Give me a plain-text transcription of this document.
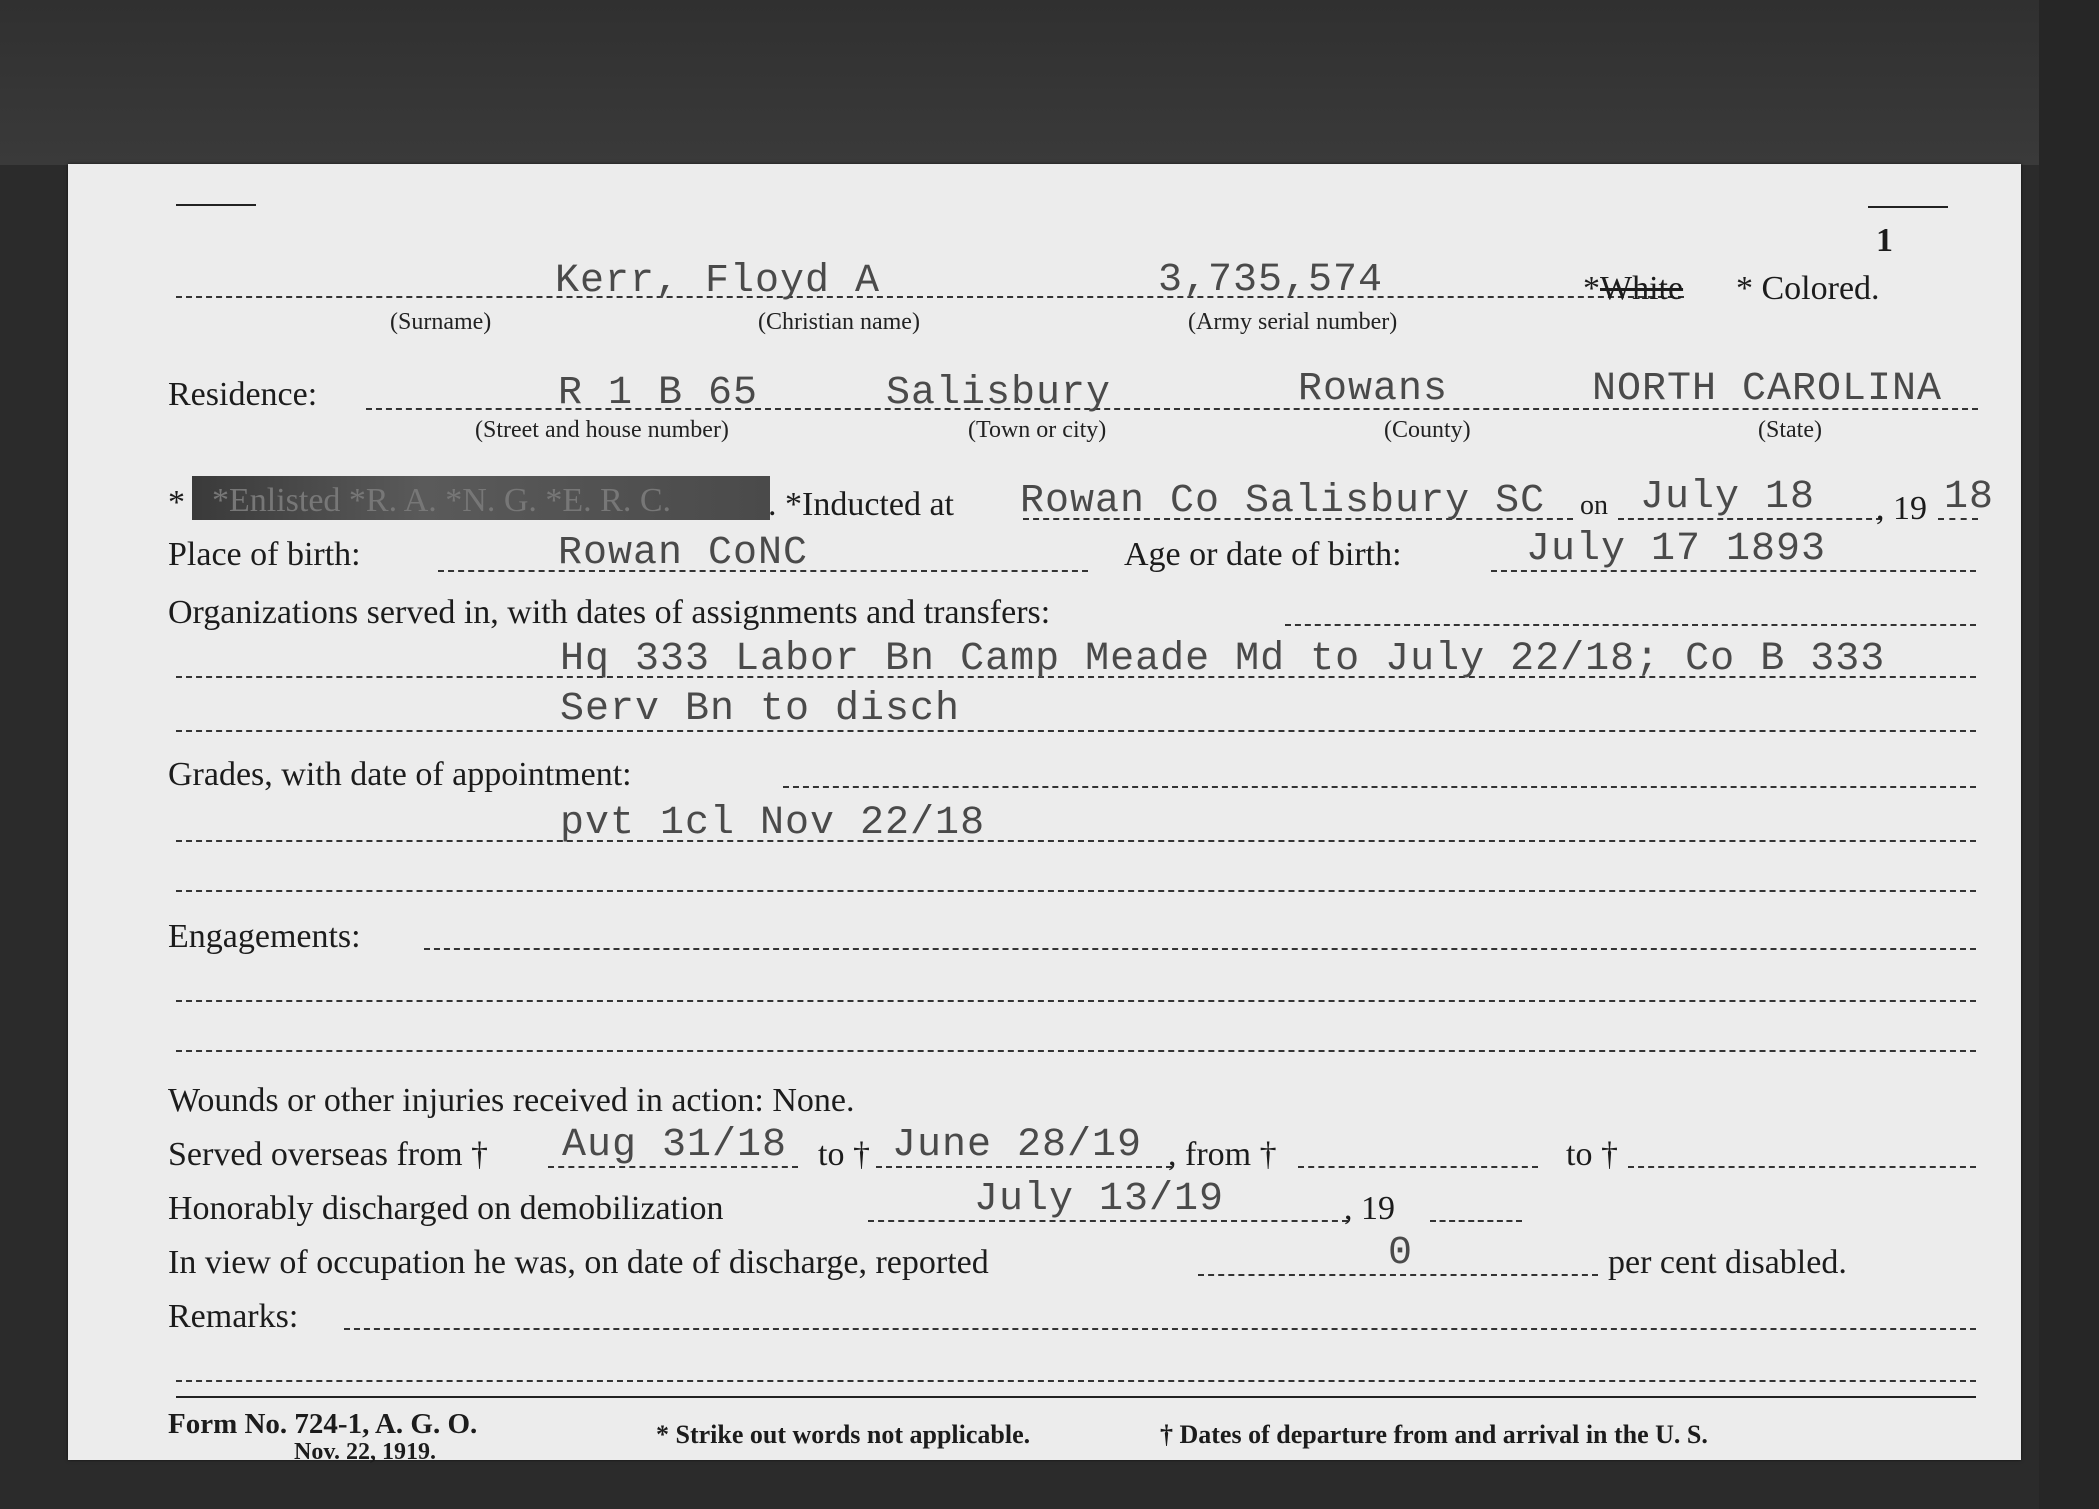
1
Kerr, Floyd A	3,735,574	*White * Colored.
(Surname)	(Christian name)	(Army serial number)
Residence:	R 1 B 65	Salisbury	Rowans	NORTH CAROLINA
(Street and house number)	(Town or city)	(County)	(State)
* *Enlisted *R. A. *N. G. *E. R. C.	. *Inducted at Rowan Co Salisbury SC on July 18 , 19 18
Place of birth:	Rowan CoNC	Age or date of birth:	July 17 1893
Organizations served in, with dates of assignments and transfers:
Hq 333 Labor Bn Camp Meade Md to July 22/18; Co B 333
Serv Bn to disch
Grades, with date of appointment:
pvt 1cl Nov 22/18
Engagements:
Wounds or other injuries received in action: None.
Served overseas from † Aug 31/18 to † June 28/19 , from †	to †
Honorably discharged on demobilization	July 13/19	, 19
In view of occupation he was, on date of discharge, reported	0	per cent disabled.
Remarks:
Form No. 724-1, A. G. O.
Nov. 22, 1919.
* Strike out words not applicable.	† Dates of departure from and arrival in the U. S.
